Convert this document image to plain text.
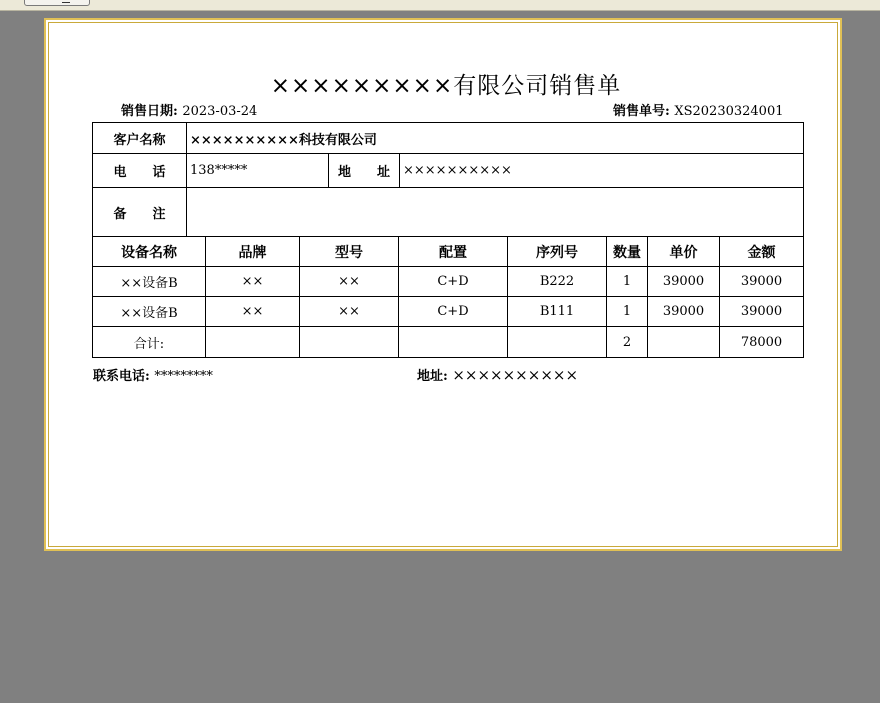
×××××××××有限公司销售单
销售日期: 2023-03-24	销售单号: XS20230324001
客户名称	××××××××××科技有限公司		
电　　话	138*****	地　　址	××××××××××
备　　注			
设备名称	品牌	型号	配置	序列号	数量	单价	金额
××设备B	××	××	C+D	B222	1	39000	39000
××设备B	××	××	C+D	B111	1	39000	39000
合计:					2		78000
联系电话: *********	地址: ××××××××××
